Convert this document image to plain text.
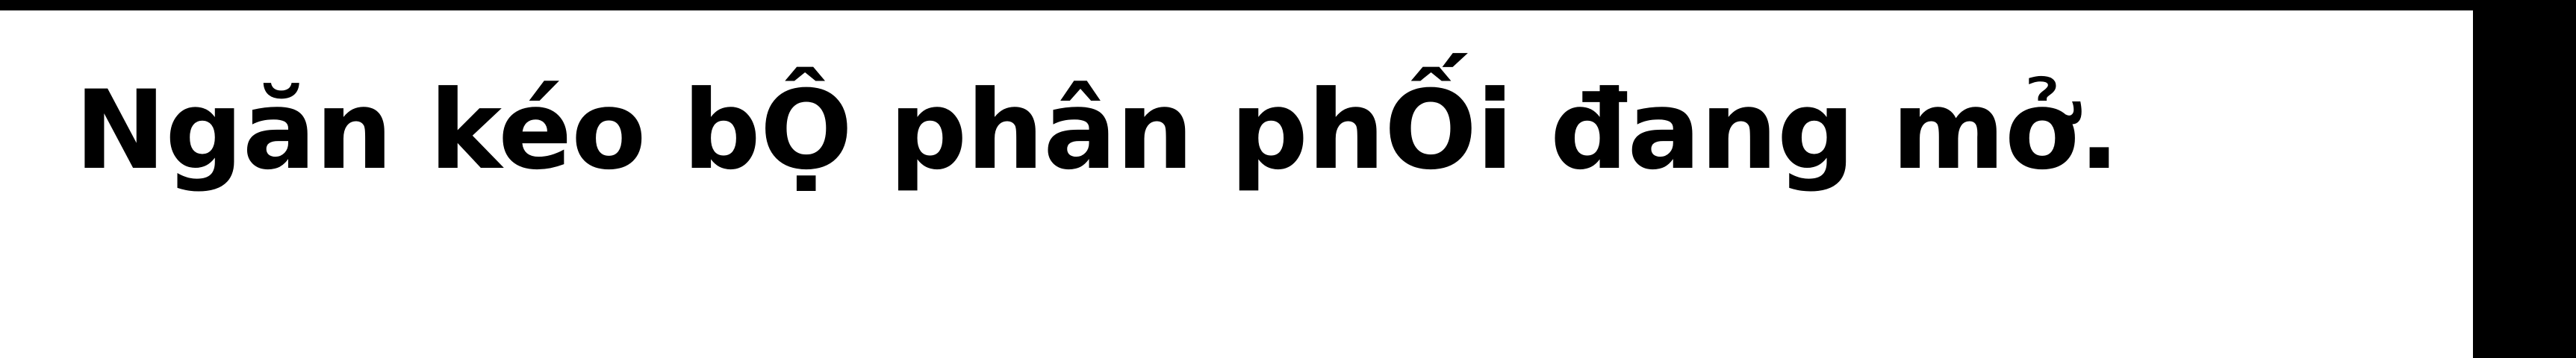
Ngăn kéo bỘ phân phỐi đang mở.
